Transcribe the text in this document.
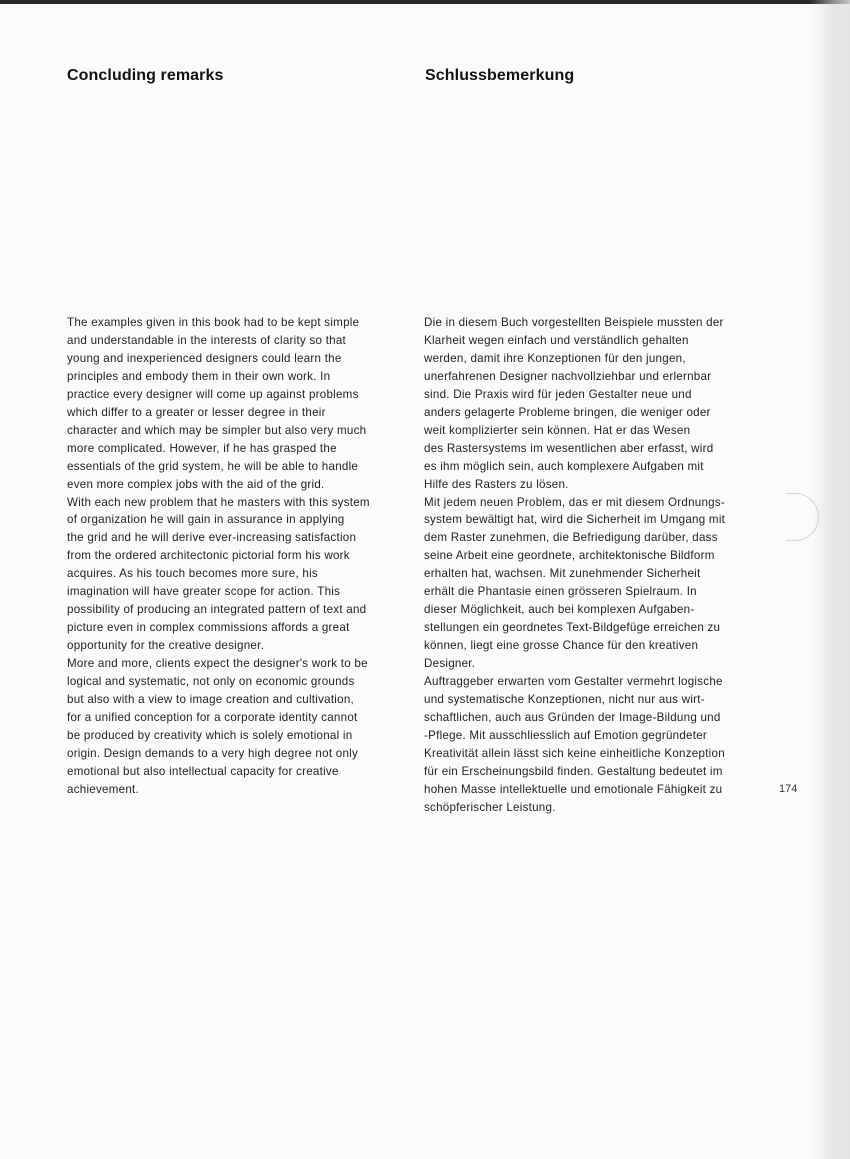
Concluding remarks	Schlussbemerkung
The examples given in this book had to be kept simple
and understandable in the interests of clarity so that
young and inexperienced designers could learn the
principles and embody them in their own work. In
practice every designer will come up against problems
which differ to a greater or lesser degree in their
character and which may be simpler but also very much
more complicated. However, if he has grasped the
essentials of the grid system, he will be able to handle
even more complex jobs with the aid of the grid.
With each new problem that he masters with this system
of organization he will gain in assurance in applying
the grid and he will derive ever-increasing satisfaction
from the ordered architectonic pictorial form his work
acquires. As his touch becomes more sure, his
imagination will have greater scope for action. This
possibility of producing an integrated pattern of text and
picture even in complex commissions affords a great
opportunity for the creative designer.
More and more, clients expect the designer's work to be
logical and systematic, not only on economic grounds
but also with a view to image creation and cultivation,
for a unified conception for a corporate identity cannot
be produced by creativity which is solely emotional in
origin. Design demands to a very high degree not only
emotional but also intellectual capacity for creative
achievement.
Die in diesem Buch vorgestellten Beispiele mussten der
Klarheit wegen einfach und verständlich gehalten
werden, damit ihre Konzeptionen für den jungen,
unerfahrenen Designer nachvollziehbar und erlernbar
sind. Die Praxis wird für jeden Gestalter neue und
anders gelagerte Probleme bringen, die weniger oder
weit komplizierter sein können. Hat er das Wesen
des Rastersystems im wesentlichen aber erfasst, wird
es ihm möglich sein, auch komplexere Aufgaben mit
Hilfe des Rasters zu lösen.
Mit jedem neuen Problem, das er mit diesem Ordnungs-
system bewältigt hat, wird die Sicherheit im Umgang mit
dem Raster zunehmen, die Befriedigung darüber, dass
seine Arbeit eine geordnete, architektonische Bildform
erhalten hat, wachsen. Mit zunehmender Sicherheit
erhält die Phantasie einen grösseren Spielraum. In
dieser Möglichkeit, auch bei komplexen Aufgaben-
stellungen ein geordnetes Text-Bildgefüge erreichen zu
können, liegt eine grosse Chance für den kreativen
Designer.
Auftraggeber erwarten vom Gestalter vermehrt logische
und systematische Konzeptionen, nicht nur aus wirt-
schaftlichen, auch aus Gründen der Image-Bildung und
-Pflege. Mit ausschliesslich auf Emotion gegründeter
Kreativität allein lässt sich keine einheitliche Konzeption
für ein Erscheinungsbild finden. Gestaltung bedeutet im
hohen Masse intellektuelle und emotionale Fähigkeit zu
schöpferischer Leistung.
174
